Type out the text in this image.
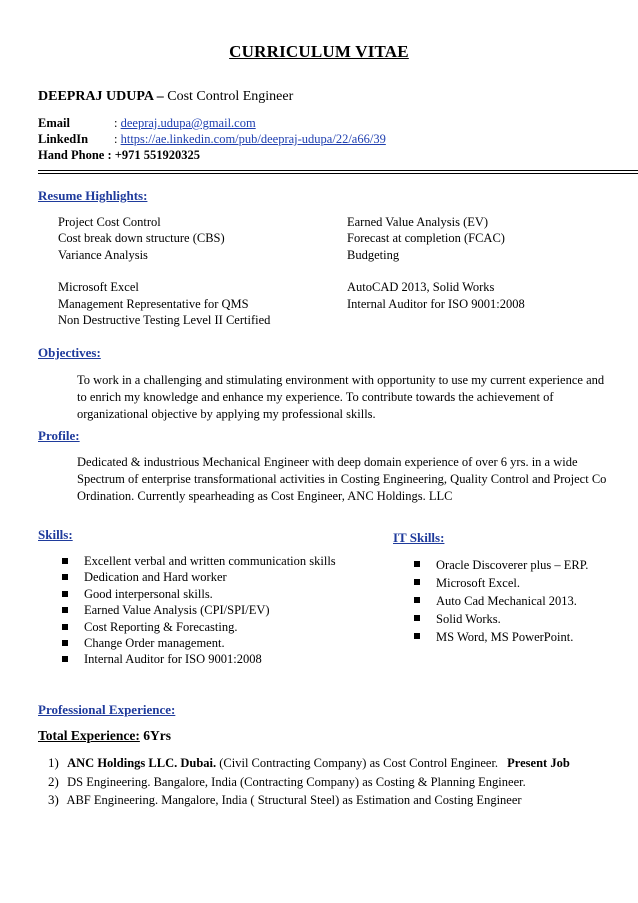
CURRICULUM VITAE
DEEPRAJ UDUPA – Cost Control Engineer
Email	: deepraj.udupa@gmail.com
LinkedIn : https://ae.linkedin.com/pub/deepraj-udupa/22/a66/39
Hand Phone : +971 551920325
Resume Highlights:
Project Cost Control
Cost break down structure (CBS)
Variance Analysis
Microsoft Excel
Management Representative for QMS
Non Destructive Testing Level II Certified
Earned Value Analysis (EV)
Forecast at completion (FCAC)
Budgeting
AutoCAD 2013, Solid Works
Internal Auditor for ISO 9001:2008
Objectives:
To work in a challenging and stimulating environment with opportunity to use my current experience and to enrich my knowledge and enhance my experience. To contribute towards the achievement of organizational objective by applying my professional skills.
Profile:
Dedicated & industrious Mechanical Engineer with deep domain experience of over 6 yrs. in a wide Spectrum of enterprise transformational activities in Costing Engineering, Quality Control and Project Co Ordination. Currently spearheading as Cost Engineer, ANC Holdings. LLC
Skills:	IT Skills:
Excellent verbal and written communication skills
Dedication and Hard worker
Good interpersonal skills.
Earned Value Analysis (CPI/SPI/EV)
Cost Reporting & Forecasting.
Change Order management.
Internal Auditor for ISO 9001:2008
Oracle Discoverer plus – ERP.
Microsoft Excel.
Auto Cad Mechanical 2013.
Solid Works.
MS Word, MS PowerPoint.
Professional Experience:
Total Experience: 6Yrs
1) ANC Holdings LLC. Dubai. (Civil Contracting Company) as Cost Control Engineer. Present Job
2) DS Engineering. Bangalore, India (Contracting Company) as Costing & Planning Engineer.
3) ABF Engineering. Mangalore, India ( Structural Steel) as Estimation and Costing Engineer
